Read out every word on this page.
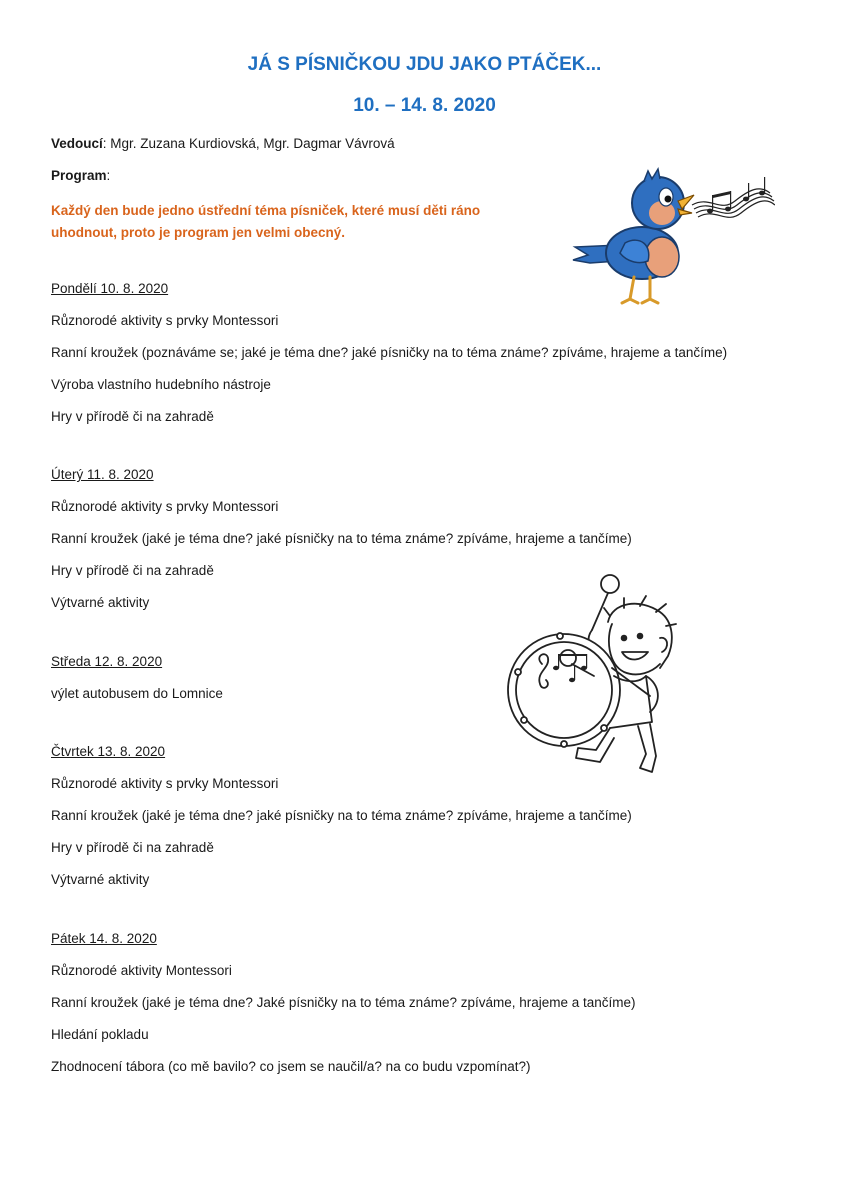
JÁ S PÍSNIČKOU JDU JAKO PTÁČEK...
10. – 14. 8. 2020

Vedoucí: Mgr. Zuzana Kurdiovská, Mgr. Dagmar Vávrová

Program:

Každý den bude jedno ústřední téma písniček, které musí děti ráno uhodnout, proto je program jen velmi obecný.

Pondělí 10. 8. 2020
Různorodé aktivity s prvky Montessori
Ranní kroužek (poznáváme se; jaké je téma dne? jaké písničky na to téma známe? zpíváme, hrajeme a tančíme)
Výroba vlastního hudebního nástroje
Hry v přírodě či na zahradě
Úterý 11. 8. 2020
Různorodé aktivity s prvky Montessori
Ranní kroužek (jaké je téma dne? jaké písničky na to téma známe? zpíváme, hrajeme a tančíme)
Hry v přírodě či na zahradě
Výtvarné aktivity
Středa 12. 8. 2020
výlet autobusem do Lomnice
Čtvrtek 13. 8. 2020
Různorodé aktivity s prvky Montessori
Ranní kroužek (jaké je téma dne? jaké písničky na to téma známe? zpíváme, hrajeme a tančíme)
Hry v přírodě či na zahradě
Výtvarné aktivity
Pátek 14. 8. 2020
Různorodé aktivity Montessori
Ranní kroužek (jaké je téma dne? Jaké písničky na to téma známe? zpíváme, hrajeme a tančíme)
Hledání pokladu
Zhodnocení tábora (co mě bavilo? co jsem se naučil/a? na co budu vzpomínat?)
